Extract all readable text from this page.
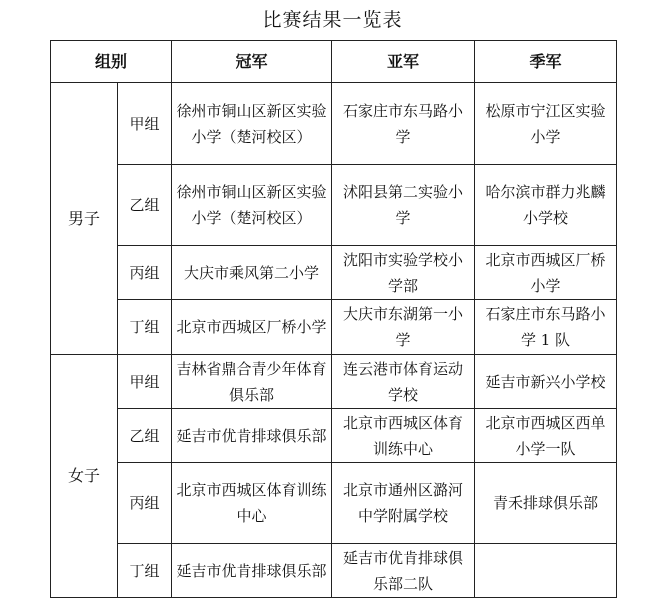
比赛结果一览表
组别		冠军	亚军	季军
男子	甲组	徐州市铜山区新区实验小学（楚河校区）	石家庄市东马路小学	松原市宁江区实验小学
	乙组	徐州市铜山区新区实验小学（楚河校区）	沭阳县第二实验小学	哈尔滨市群力兆麟小学校
	丙组	大庆市乘风第二小学	沈阳市实验学校小学部	北京市西城区厂桥小学
	丁组	北京市西城区厂桥小学	大庆市东湖第一小学	石家庄市东马路小学 1 队
女子	甲组	吉林省鼎合青少年体育俱乐部	连云港市体育运动学校	延吉市新兴小学校
	乙组	延吉市优肯排球俱乐部	北京市西城区体育训练中心	北京市西城区西单小学一队
	丙组	北京市西城区体育训练中心	北京市通州区潞河中学附属学校	青禾排球俱乐部
	丁组	延吉市优肯排球俱乐部	延吉市优肯排球俱乐部二队	
